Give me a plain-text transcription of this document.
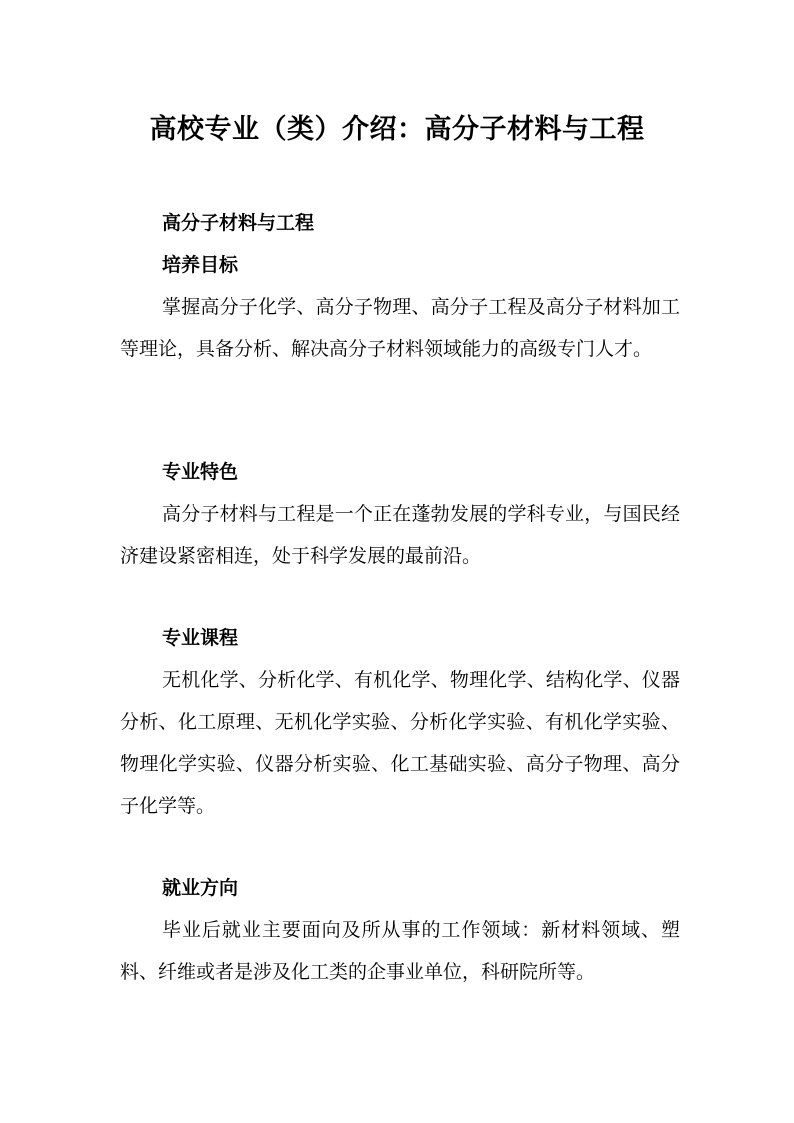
高校专业（类）介绍：高分子材料与工程

高分子材料与工程

培养目标

掌握高分子化学、高分子物理、高分子工程及高分子材料加工等理论，具备分析、解决高分子材料领域能力的高级专门人才。

专业特色

高分子材料与工程是一个正在蓬勃发展的学科专业，与国民经济建设紧密相连，处于科学发展的最前沿。

专业课程

无机化学、分析化学、有机化学、物理化学、结构化学、仪器分析、化工原理、无机化学实验、分析化学实验、有机化学实验、物理化学实验、仪器分析实验、化工基础实验、高分子物理、高分子化学等。

就业方向

毕业后就业主要面向及所从事的工作领域：新材料领域、塑料、纤维或者是涉及化工类的企事业单位，科研院所等。
